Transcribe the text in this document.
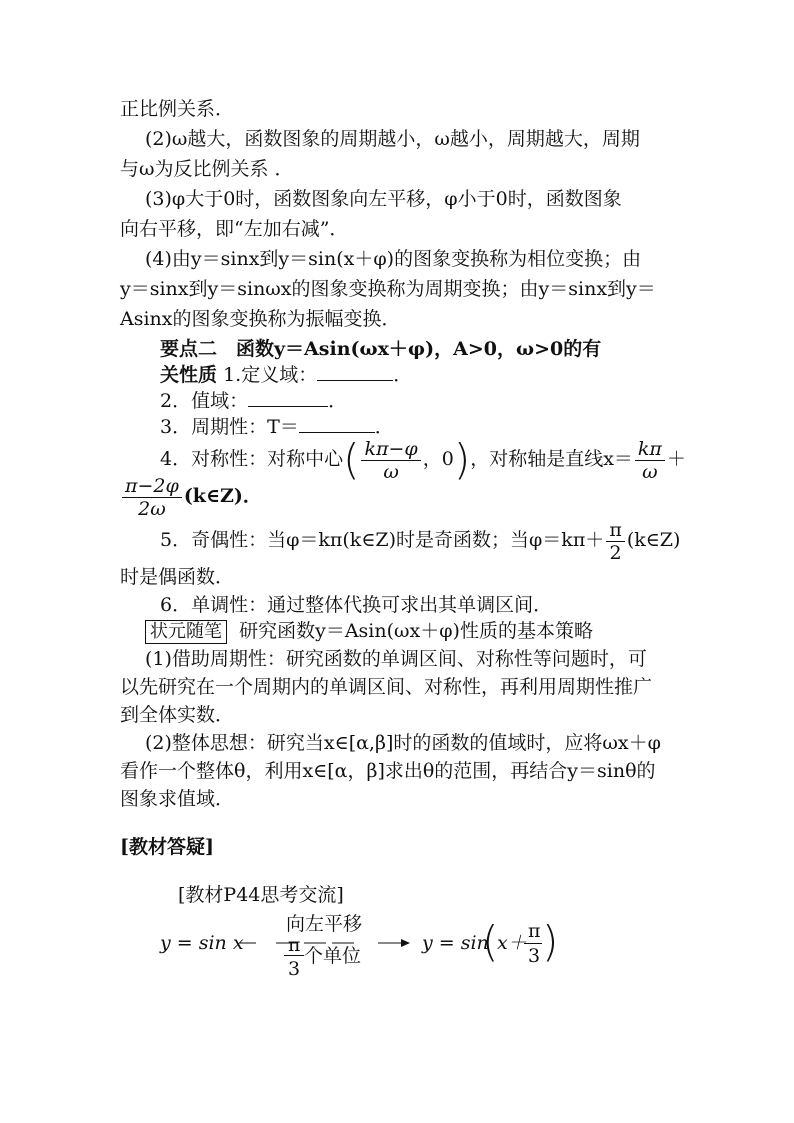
正比例关系．
(2)ω越大，函数图象的周期越小，ω越小，周期越大，周期
与ω为反比例关系 ．
(3)φ大于0时，函数图象向左平移，φ小于0时，函数图象
向右平移，即“左加右减”．
(4)由y＝sinx到y＝sin(x＋φ)的图象变换称为相位变换；由
y＝sinx到y＝sinωx的图象变换称为周期变换；由y＝sinx到y＝
Asinx的图象变换称为振幅变换．
要点二　函数y＝Asin(ωx＋φ)，A>0，ω>0的有
关性质 1.定义域：	．
2．值域：	．
3．周期性：T＝	．
4．对称性：对称中心( $\frac{k\pi-\varphi}{\omega}$ ，0)，对称轴是直线$x= \frac{k\pi}{\omega}$ ＋
$\frac{\pi-2\varphi}{2\omega}$ (k∈Z)．
5．奇偶性：当φ＝kπ(k∈Z)时是奇函数；当$\varphi=k\pi+ \frac{\pi}{2}$ (k∈Z)
时是偶函数．
6．单调性：通过整体代换可求出其单调区间．
状元随笔 研究函数y＝Asin(ωx＋φ)性质的基本策略
(1)借助周期性：研究函数的单调区间、对称性等问题时，可
以先研究在一个周期内的单调区间、对称性，再利用周期性推广
到全体实数．
(2)整体思想：研究当x∈[α,β]时的函数的值域时，应将ωx＋φ
看作一个整体θ，利用x∈[α，β]求出θ的范围，再结合y＝sinθ的
图象求值域．
[教材答疑]
[教材P44思考交流]
y = sin x
向左平移
π
3
个单位
y = sin
(
x＋
π
3 )
